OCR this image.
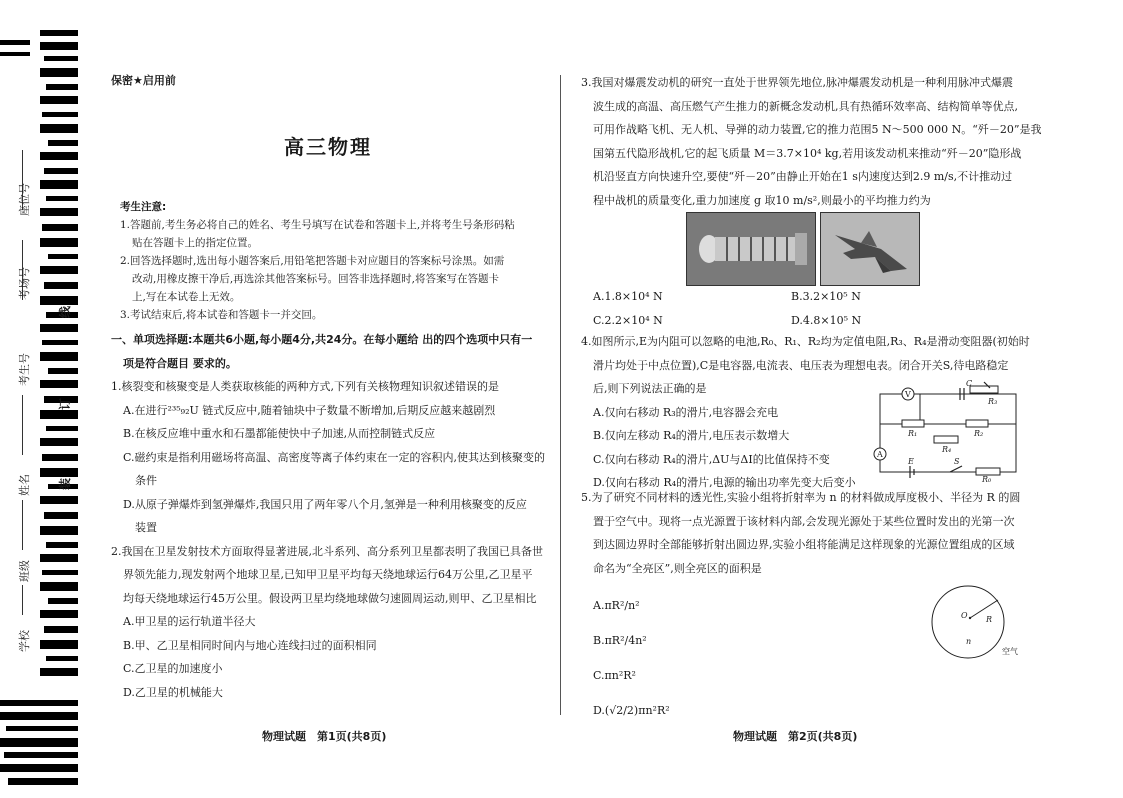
学校
班级
姓名
考生号
考场号
座位号
装
订
线
保密★启用前
高三物理
考生注意:
1.答题前,考生务必将自己的姓名、考生号填写在试卷和答题卡上,并将考生号条形码粘
贴在答题卡上的指定位置。
2.回答选择题时,选出每小题答案后,用铅笔把答题卡对应题目的答案标号涂黑。如需
改动,用橡皮擦干净后,再选涂其他答案标号。回答非选择题时,将答案写在答题卡
上,写在本试卷上无效。
3.考试结束后,将本试卷和答题卡一并交回。
一、单项选择题:本题共6小题,每小题4分,共24分。在每小题给 出的四个选项中只有一
项是符合题目 要求的。
1.核裂变和核聚变是人类获取核能的两种方式,下列有关核物理知识叙述错误的是
A.在进行²³⁵₉₂U 链式反应中,随着铀块中子数量不断增加,后期反应越来越剧烈
B.在核反应堆中重水和石墨都能使快中子加速,从而控制链式反应
C.磁约束是指利用磁场将高温、高密度等离子体约束在一定的容积内,使其达到核聚变的
条件
D.从原子弹爆炸到氢弹爆炸,我国只用了两年零八个月,氢弹是一种利用核聚变的反应
装置
2.我国在卫星发射技术方面取得显著进展,北斗系列、高分系列卫星都表明了我国已具备世
界领先能力,现发射两个地球卫星,已知甲卫星平均每天绕地球运行64万公里,乙卫星平
均每天绕地球运行45万公里。假设两卫星均绕地球做匀速圆周运动,则甲、乙卫星相比
A.甲卫星的运行轨道半径大
B.甲、乙卫星相同时间内与地心连线扫过的面积相同
C.乙卫星的加速度小
D.乙卫星的机械能大
物理试题　第1页(共8页)
3.我国对爆震发动机的研究一直处于世界领先地位,脉冲爆震发动机是一种利用脉冲式爆震
波生成的高温、高压燃气产生推力的新概念发动机,具有热循环效率高、结构简单等优点,
可用作战略飞机、无人机、导弹的动力装置,它的推力范围5 N～500 000 N。“歼－20”是我
国第五代隐形战机,它的起飞质量 M＝3.7×10⁴ kg,若用该发动机来推动“歼－20”隐形战
机沿竖直方向快速升空,要使“歼－20”由静止开始在1 s内速度达到2.9 m/s,不计推动过
程中战机的质量变化,重力加速度 g 取10 m/s²,则最小的平均推力约为
A.1.8×10⁴ N	B.3.2×10⁵ N
C.2.2×10⁴ N	D.4.8×10⁵ N
4.如图所示,E为内阻可以忽略的电池,R₀、R₁、R₂均为定值电阻,R₃、R₄是滑动变阻器(初始时
滑片均处于中点位置),C是电容器,电流表、电压表为理想电表。闭合开关S,待电路稳定
后,则下列说法正确的是
A.仅向右移动 R₃的滑片,电容器会充电
B.仅向左移动 R₄的滑片,电压表示数增大
C.仅向右移动 R₄的滑片,ΔU与ΔI的比值保持不变
D.仅向右移动 R₄的滑片,电源的输出功率先变大后变小
V
C
R₃
R₁	R₂
R₄
A
E	S
R₀
5.为了研究不同材料的透光性,实验小组将折射率为 n 的材料做成厚度极小、半径为 R 的圆
置于空气中。现将一点光源置于该材料内部,会发现光源处于某些位置时发出的光第一次
到达圆边界时全部能够折射出圆边界,实验小组将能满足这样现象的光源位置组成的区域
命名为“全亮区”,则全亮区的面积是
A.πR²/n²
B.πR²/4n²
C.πn²R²
D.(√2/2)πn²R²
O R
n
空气
物理试题　第2页(共8页)
